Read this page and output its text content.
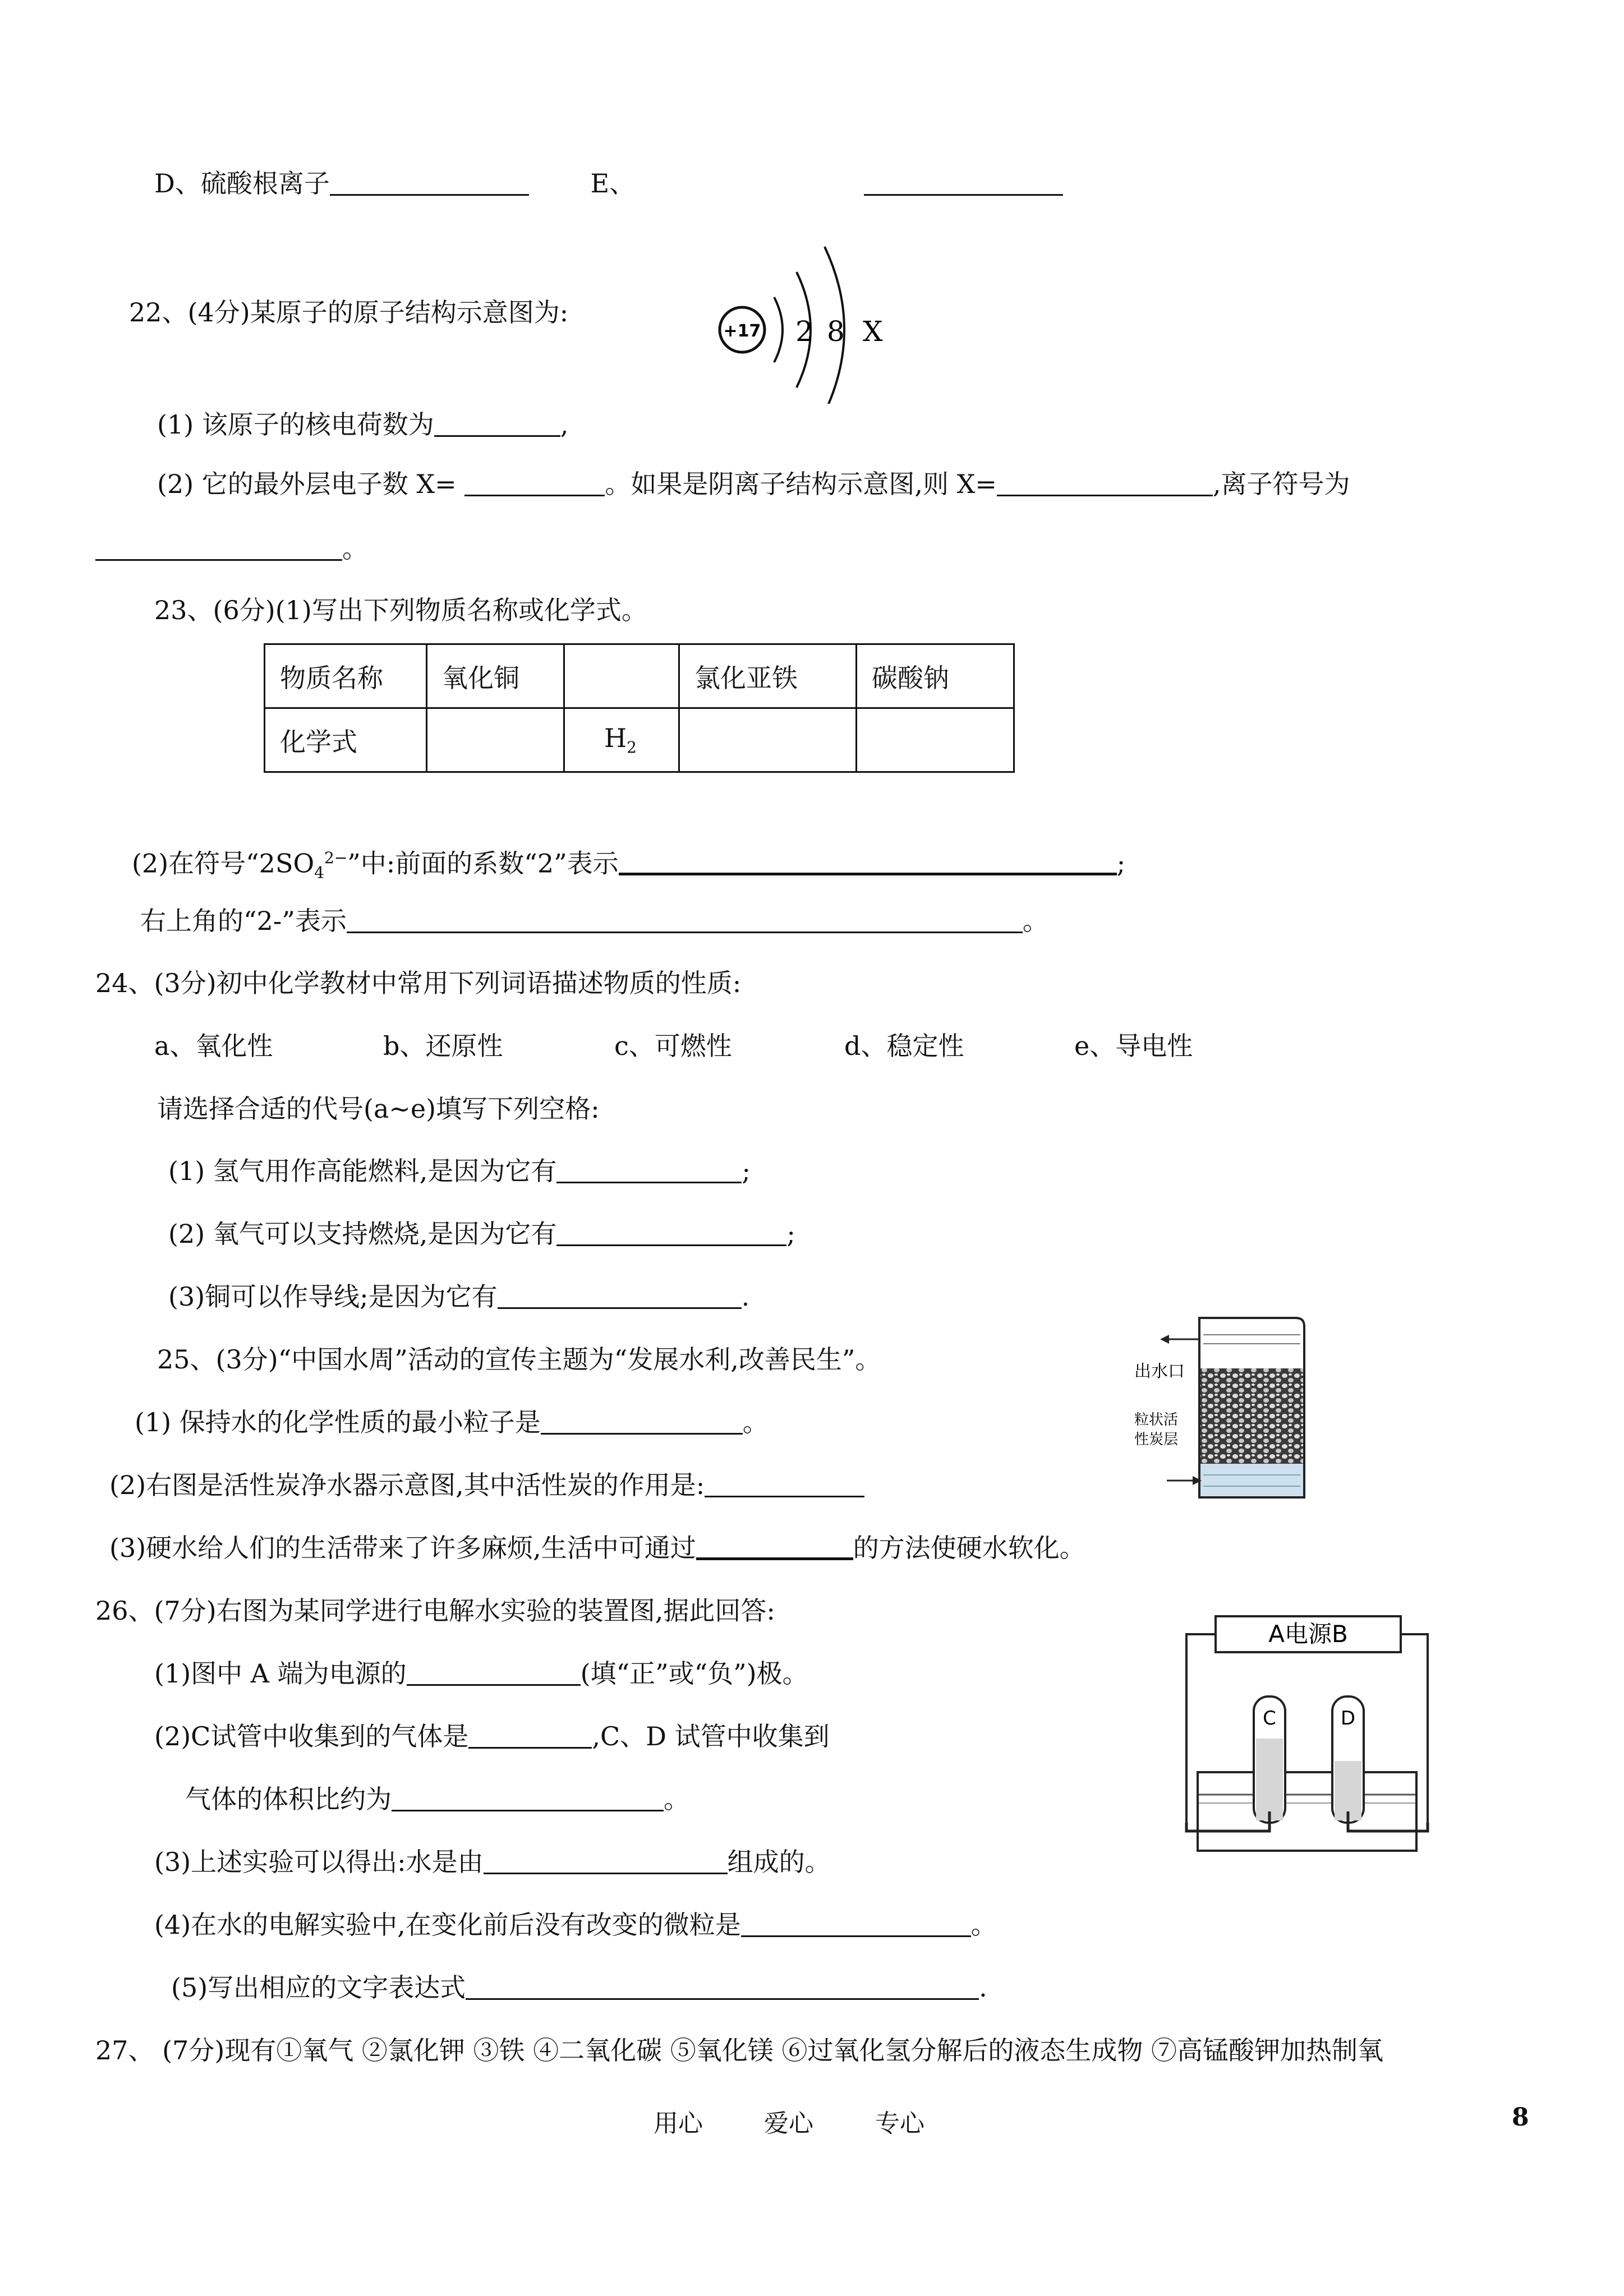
D、硫酸根离子	E、
22、(4分)某原子的原子结构示意图为:
+17 2 8 X
(1) 该原子的核电荷数为	,
(2) 它的最外层电子数 X=	。如果是阴离子结构示意图,则 X=	,离子符号为
。
23、(6分)(1)写出下列物质名称或化学式。
物质名称	氧化铜		氯化亚铁	碳酸钠
化学式		$H_2$		
(2)在符号“$2SO_4^{2-}$”中:前面的系数“2”表示	;
右上角的“2-”表示	。
24、(3分)初中化学教材中常用下列词语描述物质的性质:
a、氧化性	b、还原性	c、可燃性	d、稳定性	e、导电性
请选择合适的代号(a~e)填写下列空格:
(1) 氢气用作高能燃料,是因为它有	;
(2) 氧气可以支持燃烧,是因为它有	;
(3)铜可以作导线;是因为它有	.
25、(3分)“中国水周”活动的宣传主题为“发展水利,改善民生”。
(1) 保持水的化学性质的最小粒子是	。
(2)右图是活性炭净水器示意图,其中活性炭的作用是:
(3)硬水给人们的生活带来了许多麻烦,生活中可通过	的方法使硬水软化。
出水口
粒状活
性炭层
26、(7分)右图为某同学进行电解水实验的装置图,据此回答:
(1)图中 A 端为电源的	(填“正”或“负”)极。
(2)C试管中收集到的气体是	,C、D 试管中收集到
气体的体积比约为	。
(3)上述实验可以得出:水是由	组成的。
(4)在水的电解实验中,在变化前后没有改变的微粒是	。
(5)写出相应的文字表达式	.
A电源B
C	D
27、 (7分)现有①氧气 ②氯化钾 ③铁 ④二氧化碳 ⑤氧化镁 ⑥过氧化氢分解后的液态生成物 ⑦高锰酸钾加热制氧
用心 爱心	专心	8
